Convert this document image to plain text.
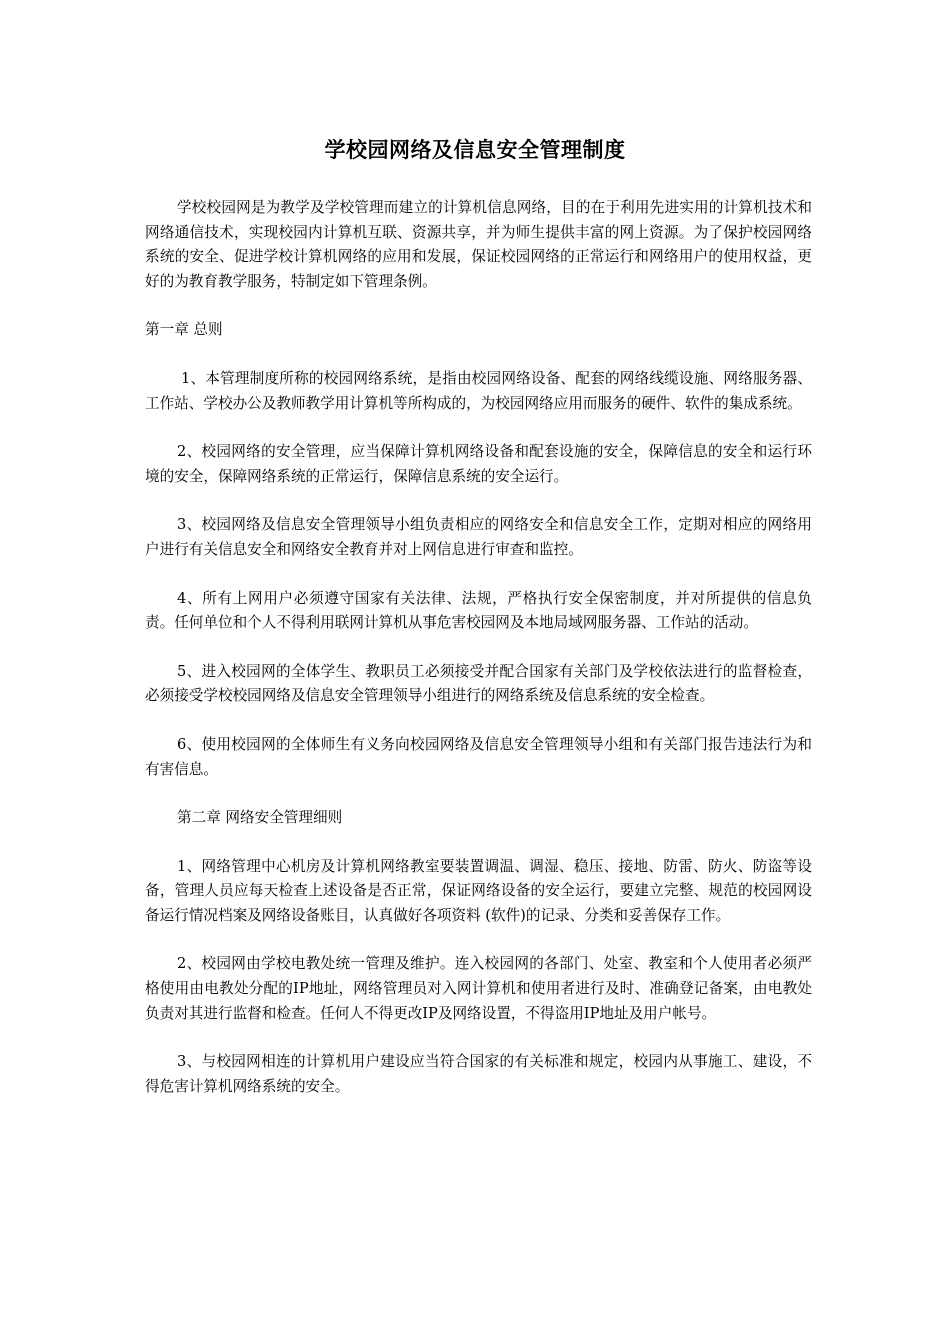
学校园网络及信息安全管理制度

学校校园网是为教学及学校管理而建立的计算机信息网络，目的在于利用先进实用的计算机技术和网络通信技术，实现校园内计算机互联、资源共享，并为师生提供丰富的网上资源。为了保护校园网络系统的安全、促进学校计算机网络的应用和发展，保证校园网络的正常运行和网络用户的使用权益，更好的为教育教学服务，特制定如下管理条例。

第一章 总则

1、本管理制度所称的校园网络系统，是指由校园网络设备、配套的网络线缆设施、网络服务器、工作站、学校办公及教师教学用计算机等所构成的，为校园网络应用而服务的硬件、软件的集成系统。

2、校园网络的安全管理，应当保障计算机网络设备和配套设施的安全，保障信息的安全和运行环境的安全，保障网络系统的正常运行，保障信息系统的安全运行。

3、校园网络及信息安全管理领导小组负责相应的网络安全和信息安全工作，定期对相应的网络用户进行有关信息安全和网络安全教育并对上网信息进行审查和监控。

4、所有上网用户必须遵守国家有关法律、法规，严格执行安全保密制度，并对所提供的信息负责。任何单位和个人不得利用联网计算机从事危害校园网及本地局域网服务器、工作站的活动。

5、进入校园网的全体学生、教职员工必须接受并配合国家有关部门及学校依法进行的监督检查，必须接受学校校园网络及信息安全管理领导小组进行的网络系统及信息系统的安全检查。

6、使用校园网的全体师生有义务向校园网络及信息安全管理领导小组和有关部门报告违法行为和有害信息。

第二章 网络安全管理细则

1、网络管理中心机房及计算机网络教室要装置调温、调湿、稳压、接地、防雷、防火、防盗等设备，管理人员应每天检查上述设备是否正常，保证网络设备的安全运行，要建立完整、规范的校园网设备运行情况档案及网络设备账目，认真做好各项资料 (软件)的记录、分类和妥善保存工作。

2、校园网由学校电教处统一管理及维护。连入校园网的各部门、处室、教室和个人使用者必须严格使用由电教处分配的IP地址，网络管理员对入网计算机和使用者进行及时、准确登记备案，由电教处负责对其进行监督和检查。任何人不得更改IP及网络设置，不得盗用IP地址及用户帐号。

3、与校园网相连的计算机用户建设应当符合国家的有关标准和规定，校园内从事施工、建设，不得危害计算机网络系统的安全。
